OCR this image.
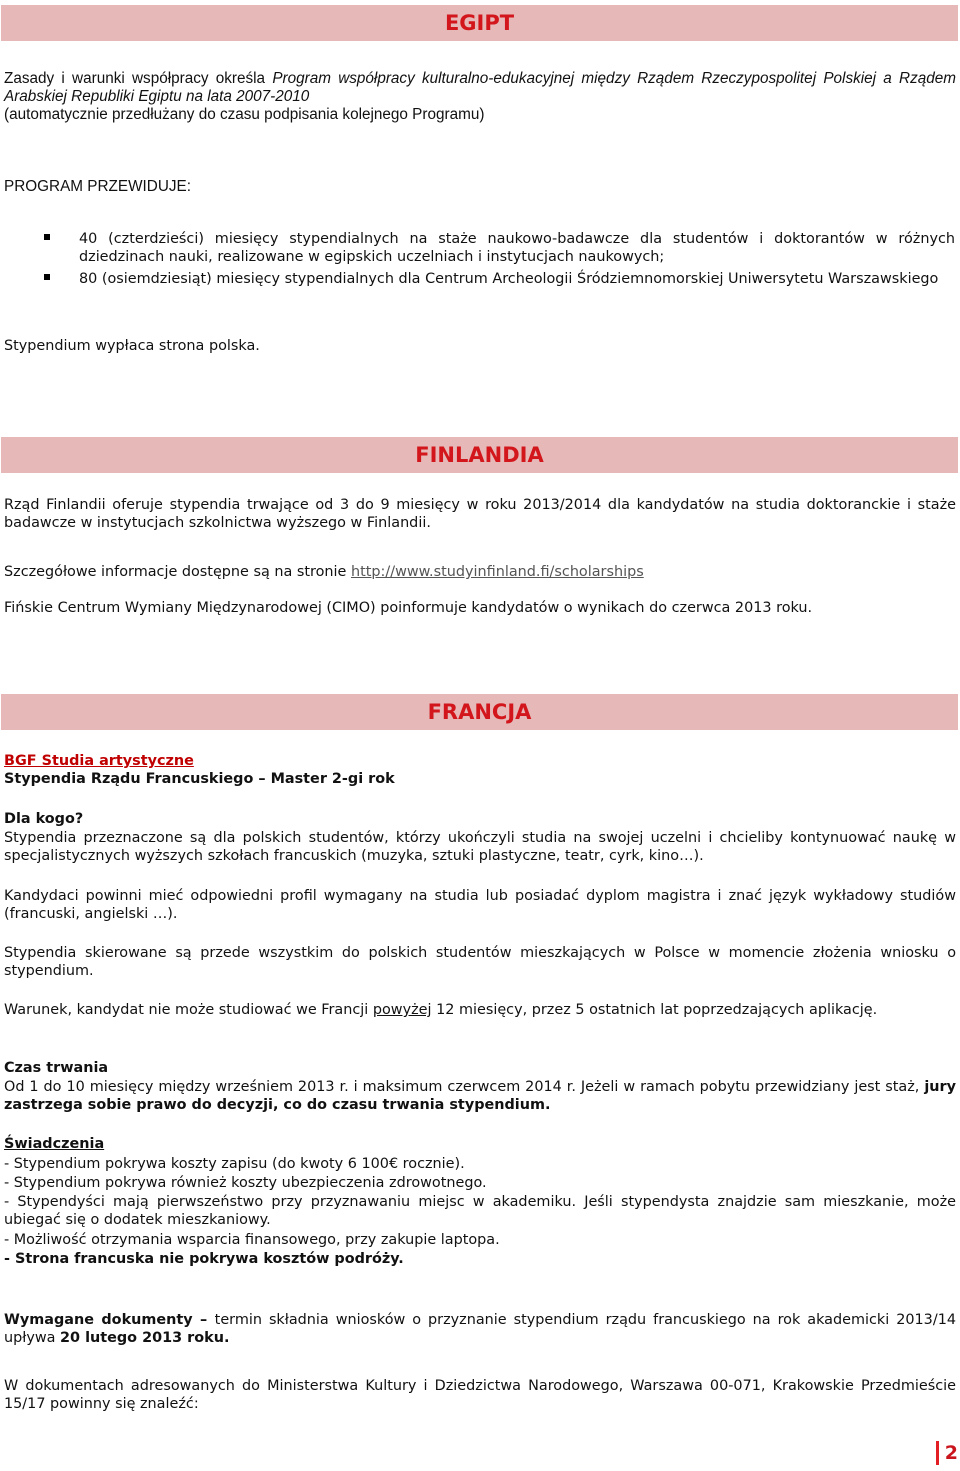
EGIPT

Zasady i warunki współpracy określa Program współpracy kulturalno-edukacyjnej między Rządem Rzeczypospolitej Polskiej a Rządem Arabskiej Republiki Egiptu na lata 2007-2010
(automatycznie przedłużany do czasu podpisania kolejnego Programu)

PROGRAM PRZEWIDUJE:

40 (czterdzieści) miesięcy stypendialnych na staże naukowo-badawcze dla studentów i doktorantów w różnych dziedzinach nauki, realizowane w egipskich uczelniach i instytucjach naukowych;

80 (osiemdziesiąt) miesięcy stypendialnych dla Centrum Archeologii Śródziemnomorskiej Uniwersytetu Warszawskiego

Stypendium wypłaca strona polska.

FINLANDIA

Rząd Finlandii oferuje stypendia trwające od 3 do 9 miesięcy w roku 2013/2014 dla kandydatów na studia doktoranckie i staże badawcze w instytucjach szkolnictwa wyższego w Finlandii.

Szczegółowe informacje dostępne są na stronie http://www.studyinfinland.fi/scholarships

Fińskie Centrum Wymiany Międzynarodowej (CIMO) poinformuje kandydatów o wynikach do czerwca 2013 roku.

FRANCJA

BGF Studia artystyczne
Stypendia Rządu Francuskiego – Master 2-gi rok

Dla kogo?

Stypendia przeznaczone są dla polskich studentów, którzy ukończyli studia na swojej uczelni i chcieliby kontynuować naukę w specjalistycznych wyższych szkołach francuskich (muzyka, sztuki plastyczne, teatr, cyrk, kino…).

Kandydaci powinni mieć odpowiedni profil wymagany na studia lub posiadać dyplom magistra i znać język wykładowy studiów (francuski, angielski …).

Stypendia skierowane są przede wszystkim do polskich studentów mieszkających w Polsce w momencie złożenia wniosku o stypendium.

Warunek, kandydat nie może studiować we Francji powyżej 12 miesięcy, przez 5 ostatnich lat poprzedzających aplikację.

Czas trwania

Od 1 do 10 miesięcy między wrześniem 2013 r. i maksimum czerwcem 2014 r. Jeżeli w ramach pobytu przewidziany jest staż, jury zastrzega sobie prawo do decyzji, co do czasu trwania stypendium.

Świadczenia

- Stypendium pokrywa koszty zapisu (do kwoty 6 100€ rocznie).

- Stypendium pokrywa również koszty ubezpieczenia zdrowotnego.

- Stypendyści mają pierwszeństwo przy przyznawaniu miejsc w akademiku. Jeśli stypendysta znajdzie sam mieszkanie, może ubiegać się o dodatek mieszkaniowy.

- Możliwość otrzymania wsparcia finansowego, przy zakupie laptopa.

- Strona francuska nie pokrywa kosztów podróży.

Wymagane dokumenty – termin składnia wniosków o przyznanie stypendium rządu francuskiego na rok akademicki 2013/14 upływa 20 lutego 2013 roku.

W dokumentach adresowanych do Ministerstwa Kultury i Dziedzictwa Narodowego, Warszawa 00-071, Krakowskie Przedmieście 15/17 powinny się znaleźć:

2
